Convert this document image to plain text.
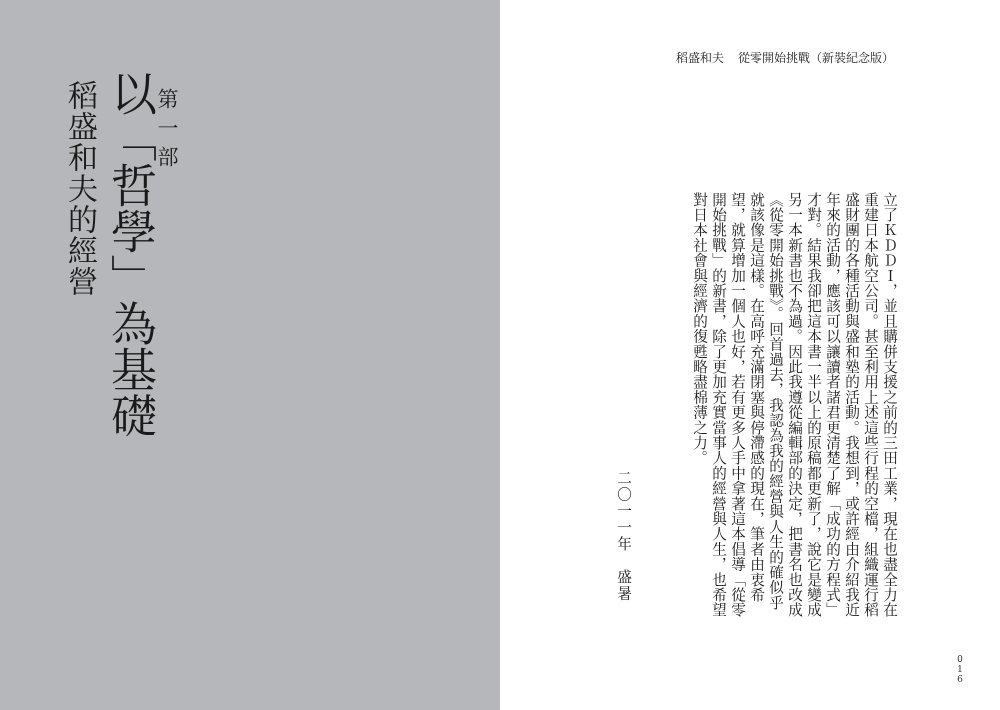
第一部
以「哲學」為基礎
稻盛和夫的經營
稻盛和夫 從零開始挑戰（新裝紀念版）
立了ＫＤＤＩ，並且購併支援之前的三田工業，現在也盡全力在
重建日本航空公司。甚至利用上述這些行程的空檔，組織運行稻
盛財團的各種活動與盛和塾的活動。我想到，或許經由介紹我近
年來的活動，應該可以讓讀者諸君更清楚了解「成功的方程式」
才對。結果我卻把這本書一半以上的原稿都更新了，說它是變成
另一本新書也不為過。因此我遵從編輯部的決定，把書名也改成
《從零開始挑戰》。回首過去，我認為我的經營與人生的確似乎
就該像是這樣。在高呼充滿閉塞與停滯感的現在，筆者由衷希
望，就算增加一個人也好，若有更多人手中拿著這本倡導「從零
開始挑戰」的新書，除了更加充實當事人的經營與人生，也希望
對日本社會與經濟的復甦略盡棉薄之力。
二〇一一年盛暑
016
